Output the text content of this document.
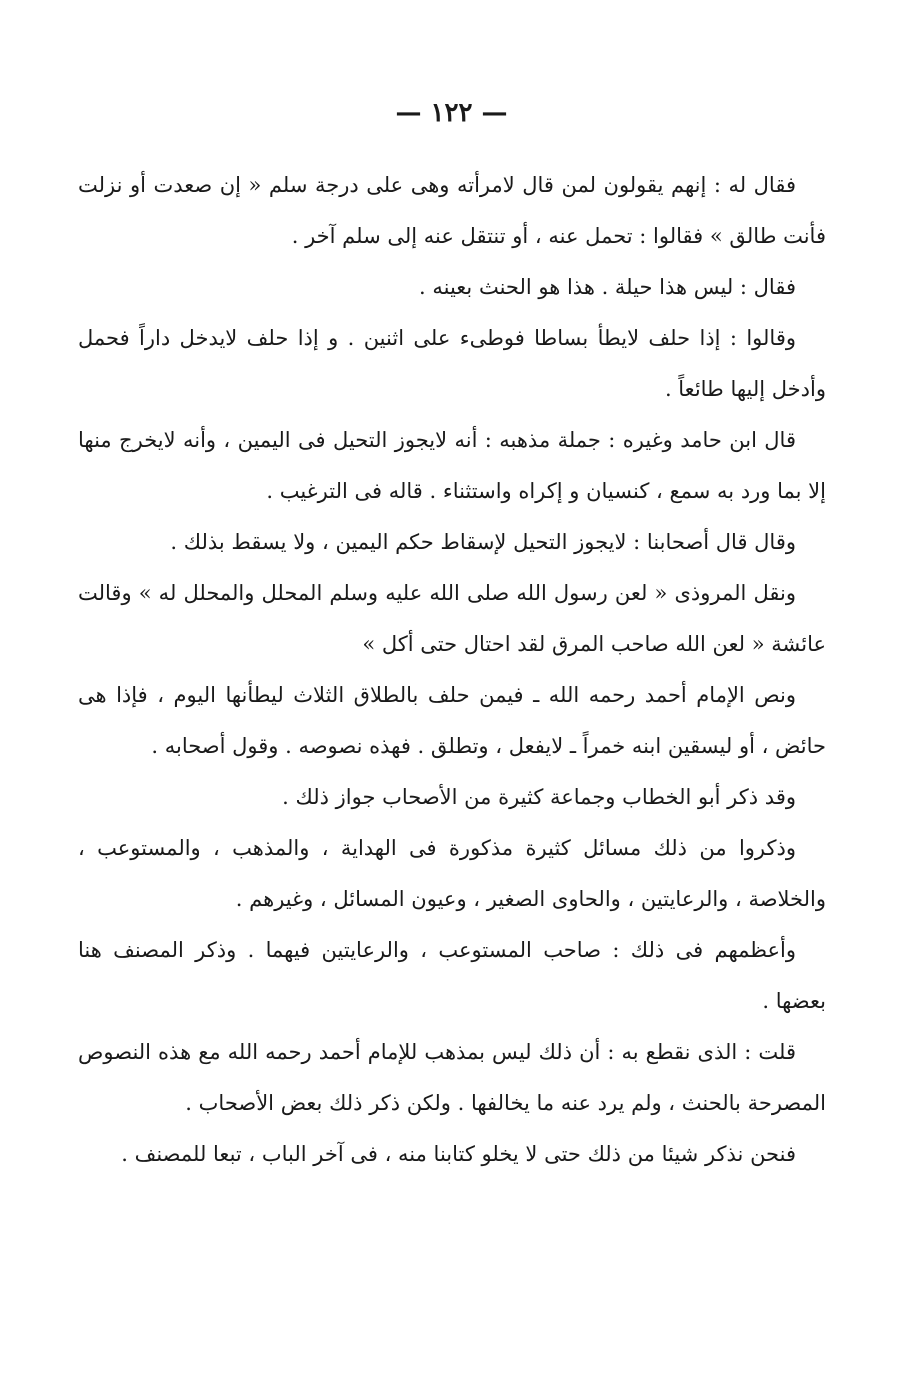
— ١٢٢ —

فقال له : إنهم يقولون لمن قال لامرأته وهى على درجة سلم « إن صعدت أو نزلت فأنت طالق » فقالوا : تحمل عنه ، أو تنتقل عنه إلى سلم آخر .

فقال : ليس هذا حيلة . هذا هو الحنث بعينه .

وقالوا : إذا حلف لايطأ بساطا فوطىء على اثنين . و إذا حلف لايدخل داراً فحمل وأدخل إليها طائعاً .

قال ابن حامد وغيره : جملة مذهبه : أنه لايجوز التحيل فى اليمين ، وأنه لايخرج منها إلا بما ورد به سمع ، كنسيان و إكراه واستثناء . قاله فى الترغيب .

وقال قال أصحابنا : لايجوز التحيل لإسقاط حكم اليمين ، ولا يسقط بذلك .

ونقل المروذى « لعن رسول الله صلى الله عليه وسلم المحلل والمحلل له » وقالت عائشة « لعن الله صاحب المرق لقد احتال حتى أكل »

ونص الإمام أحمد رحمه الله ـ فيمن حلف بالطلاق الثلاث ليطأنها اليوم ، فإذا هى حائض ، أو ليسقين ابنه خمراً ـ لايفعل ، وتطلق . فهذه نصوصه . وقول أصحابه .

وقد ذكر أبو الخطاب وجماعة كثيرة من الأصحاب جواز ذلك .

وذكروا من ذلك مسائل كثيرة مذكورة فى الهداية ، والمذهب ، والمستوعب ، والخلاصة ، والرعايتين ، والحاوى الصغير ، وعيون المسائل ، وغيرهم .

وأعظمهم فى ذلك : صاحب المستوعب ، والرعايتين فيهما . وذكر المصنف هنا بعضها .

قلت : الذى نقطع به : أن ذلك ليس بمذهب للإمام أحمد رحمه الله مع هذه النصوص المصرحة بالحنث ، ولم يرد عنه ما يخالفها . ولكن ذكر ذلك بعض الأصحاب .

فنحن نذكر شيئا من ذلك حتى لا يخلو كتابنا منه ، فى آخر الباب ، تبعا للمصنف .
